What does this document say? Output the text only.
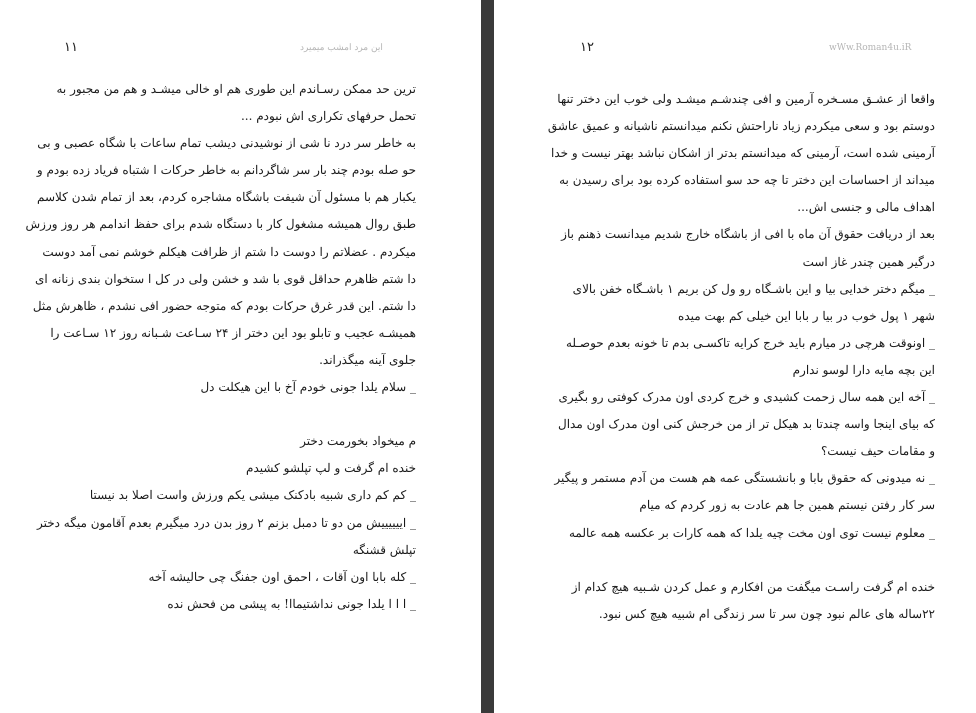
۱۱	این مرد امشب میمیرد
ترین حد ممکن رسـاندم این طوری هم او خالی میشـد و هم من مجبور به
تحمل حرفهای تکراری اش نبودم ...
به خاطر سر درد نا شی از نوشیدنی دیشب تمام ساعات با شگاه عصبی و بی
حو صله بودم چند بار سر شاگردانم به خاطر حرکات ا شتباه فریاد زده بودم و
یکبار هم با مسئول آن شیفت باشگاه مشاجره کردم، بعد از تمام شدن کلاسم
طبق روال همیشه مشغول کار با دستگاه شدم برای حفظ اندامم هر روز ورزش
میکردم . عضلاتم را دوست دا شتم از ظرافت هیکلم خوشم نمی آمد دوست
دا شتم ظاهرم حداقل قوی با شد و خشن ولی در کل ا ستخوان بندی زنانه ای
دا شتم. این قدر غرق حرکات بودم که متوجه حضور افی نشدم ، ظاهرش مثل
همیشـه عجیب و تابلو بود این دختر از ۲۴ سـاعت شـبانه روز ۱۲ سـاعت را
جلوی آینه میگذراند.
_ سلام یلدا جونی خودم آخ با این هیکلت دل
م میخواد بخورمت دختر
خنده ام گرفت و لپ تپلشو کشیدم
_ کم کم داری شبیه بادکنک میشی یکم ورزش واست اصلا بد نیستا
_ اییییییش من دو تا دمبل بزنم ۲ روز بدن درد میگیرم بعدم آقامون میگه دختر
تپلش قشنگه
_ کله بابا اون آقات ، احمق اون جفنگ چی حالیشه آخه
_ ا ا ا یلدا جونی نداشتیماا! به پیشی من فحش نده
۱۲	wWw.Roman4u.iR
واقعا از عشـق مسـخره آرمین و افی چندشـم میشـد ولی خوب این دختر تنها
دوستم بود و سعی میکردم زیاد ناراحتش نکنم میدانستم ناشیانه و عمیق عاشق
آرمینی شده است، آرمینی که میدانستم بدتر از اشکان نباشد بهتر نیست و خدا
میداند از احساسات این دختر تا چه حد سو استفاده کرده بود برای رسیدن به
اهداف مالی و جنسی اش...
بعد از دریافت حقوق آن ماه با افی از باشگاه خارج شدیم میدانست ذهنم باز
درگیر همین چندر غاز است
_ میگم دختر خدایی بیا و این باشـگاه رو ول کن بریم ۱ باشـگاه خفن بالای
شهر ۱ پول خوب در بیا ر بابا این خیلی کم بهت میده
_ اونوقت هرچی در میارم باید خرج کرایه تاکسـی بدم تا خونه بعدم حوصـله
این بچه مایه دارا لوسو ندارم
_ آخه این همه سال زحمت کشیدی و خرج کردی اون مدرک کوفتی رو بگیری
که بیای اینجا واسه چندتا بد هیکل تر از من خرجش کنی اون مدرک اون مدال
و مقامات حیف نیست؟
_ نه میدونی که حقوق بابا و بانشستگی عمه هم هست من آدم مستمر و پیگیر
سر کار رفتن نیستم همین جا هم عادت به زور کردم که میام
_ معلوم نیست توی اون مخت چیه یلدا که همه کارات بر عکسه همه عالمه
خنده ام گرفت راسـت میگفت من افکارم و عمل کردن شـبیه هیچ کدام از
۲۲ساله های عالم نبود چون سر تا سر زندگی ام شبیه هیچ کس نبود.
